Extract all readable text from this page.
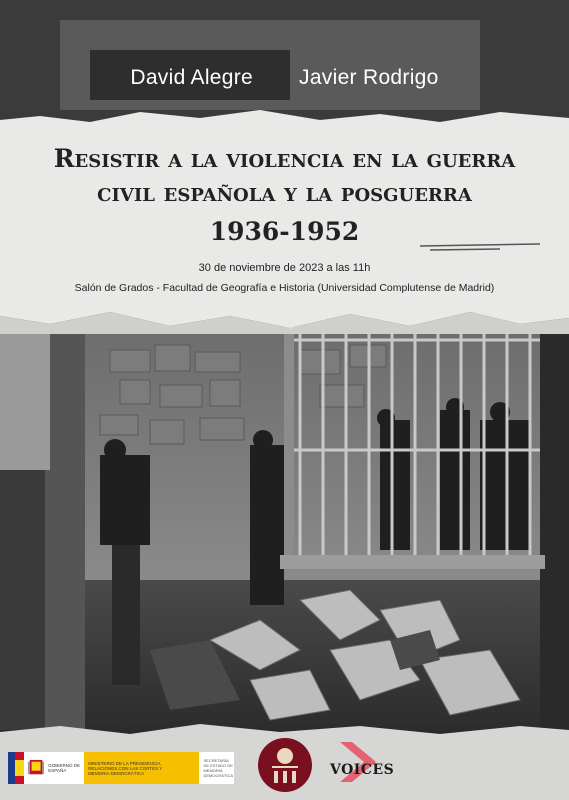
David Alegre Javier Rodrigo
Resistir a la violencia en la guerra
civil española y la posguerra
1936-1952
30 de noviembre de 2023 a las 11h
Salón de Grados - Facultad de Geografía e Historia (Universidad Complutense de Madrid)
GOBIERNO DE ESPAÑA
MINISTERIO DE LA PRESIDENCIA, RELACIONES CON LAS CORTES Y MEMORIA DEMOCRÁTICA
SECRETARÍA DE ESTADO DE MEMORIA DEMOCRÁTICA	VOICES
